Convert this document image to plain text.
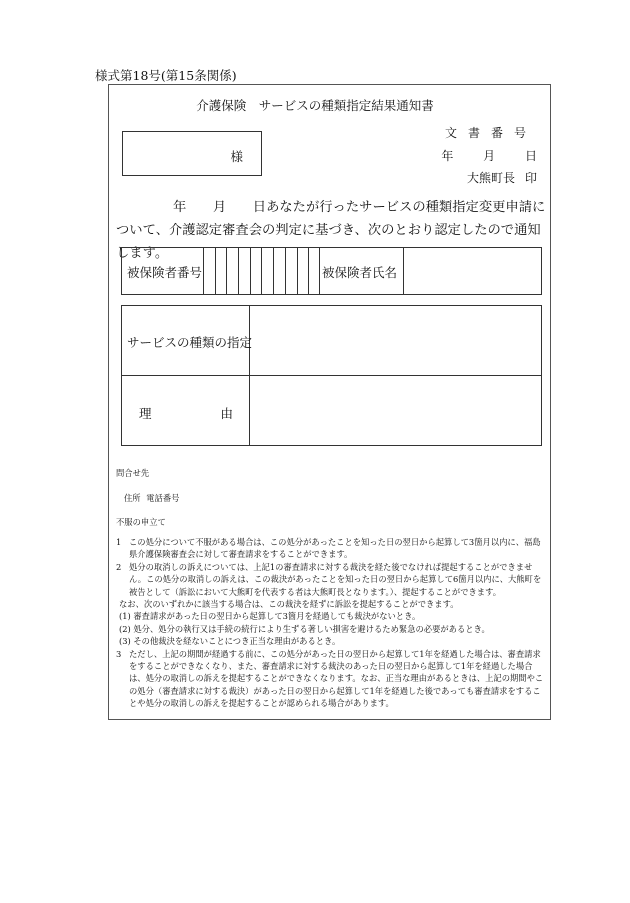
様式第18号(第15条関係)
介護保険　サービスの種類指定結果通知書
様
文書番号
年 月 日
大熊町長 印
年　　月　　日あなたが行ったサービスの種類指定変更申請について、介護認定審査会の判定に基づき、次のとおり認定したので通知します。
被保険者番号	被保険者氏名
サービスの種類の指定
理	由
問合せ先
住所 電話番号
不服の申立て
1 この処分について不服がある場合は、この処分があったことを知った日の翌日から起算して3箇月以内に、福島県介護保険審査会に対して審査請求をすることができます。
2 処分の取消しの訴えについては、上記1の審査請求に対する裁決を経た後でなければ提起することができません。この処分の取消しの訴えは、この裁決があったことを知った日の翌日から起算して6箇月以内に、大熊町を被告として（訴訟において大熊町を代表する者は大熊町長となります。）、提起することができます。
なお、次のいずれかに該当する場合は、この裁決を経ずに訴訟を提起することができます。
(1) 審査請求があった日の翌日から起算して3箇月を経過しても裁決がないとき。
(2) 処分、処分の執行又は手続の続行により生ずる著しい損害を避けるため緊急の必要があるとき。
(3) その他裁決を経ないことにつき正当な理由があるとき。
3 ただし、上記の期間が経過する前に、この処分があった日の翌日から起算して1年を経過した場合は、審査請求をすることができなくなり、また、審査請求に対する裁決のあった日の翌日から起算して1年を経過した場合は、処分の取消しの訴えを提起することができなくなります。なお、正当な理由があるときは、上記の期間やこの処分（審査請求に対する裁決）があった日の翌日から起算して1年を経過した後であっても審査請求をすることや処分の取消しの訴えを提起することが認められる場合があります。
